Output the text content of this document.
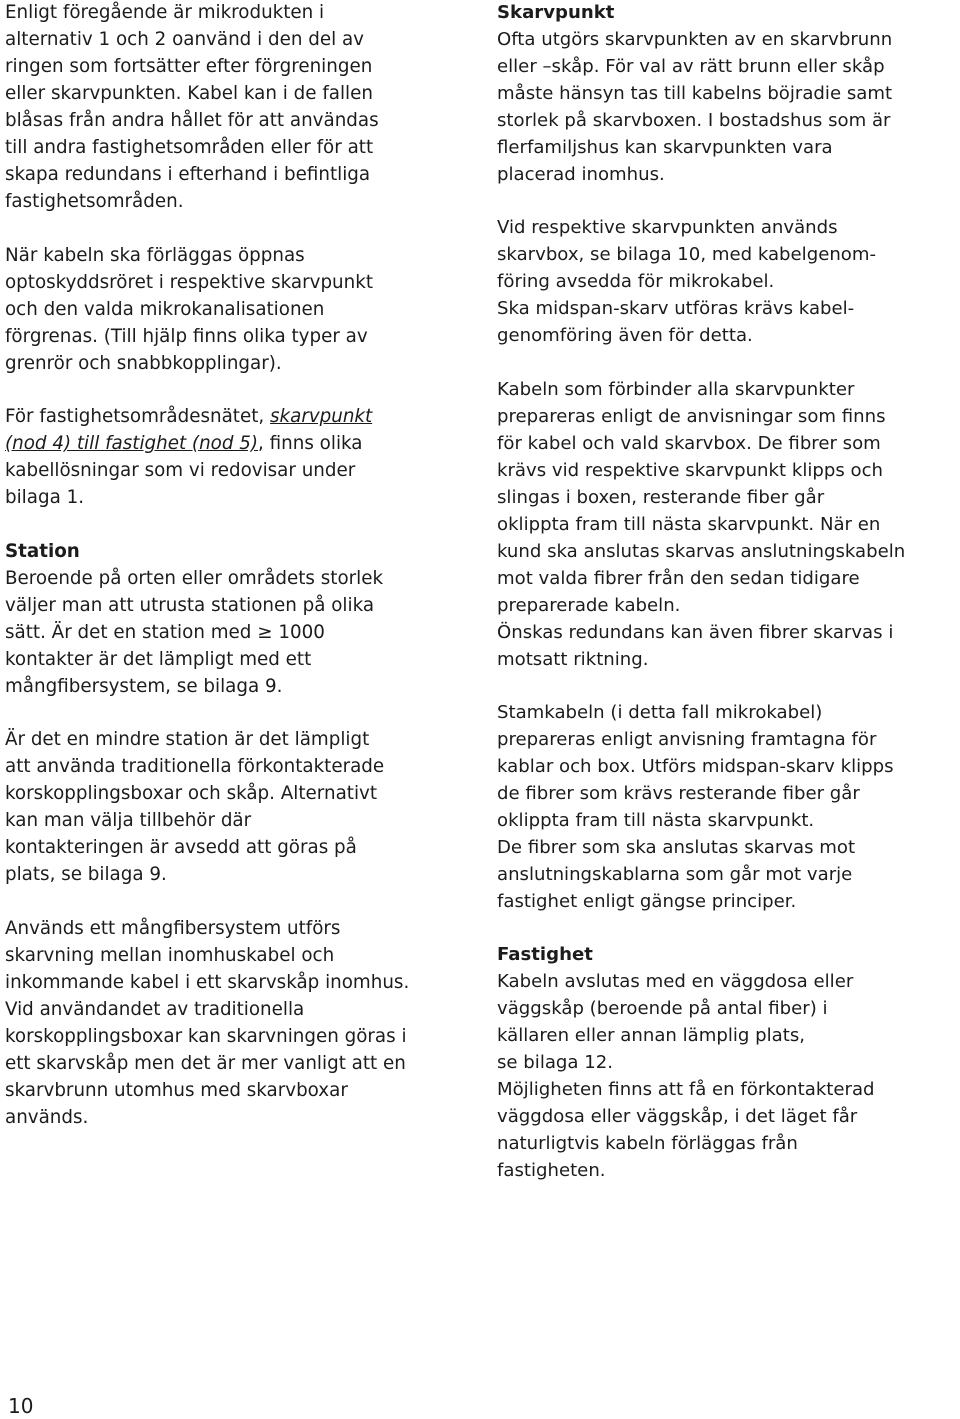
Enligt föregående är mikrodukten i

alternativ 1 och 2 oanvänd i den del av

ringen som fortsätter efter förgreningen

eller skarvpunkten. Kabel kan i de fallen

blåsas från andra hållet för att användas

till andra fastighetsområden eller för att

skapa redundans i efterhand i befintliga

fastighetsområden.

När kabeln ska förläggas öppnas

optoskyddsröret i respektive skarvpunkt

och den valda mikrokanalisationen

förgrenas. (Till hjälp finns olika typer av

grenrör och snabbkopplingar).

För fastighetsområdesnätet, skarvpunkt

(nod 4) till fastighet (nod 5), finns olika

kabellösningar som vi redovisar under

bilaga 1.

Station

Beroende på orten eller områdets storlek

väljer man att utrusta stationen på olika

sätt. Är det en station med ≥ 1000

kontakter är det lämpligt med ett

mångfibersystem, se bilaga 9.

Är det en mindre station är det lämpligt

att använda traditionella förkontakterade

korskopplingsboxar och skåp. Alternativt

kan man välja tillbehör där

kontakteringen är avsedd att göras på

plats, se bilaga 9.

Används ett mångfibersystem utförs

skarvning mellan inomhuskabel och

inkommande kabel i ett skarvskåp inomhus.

Vid användandet av traditionella

korskopplingsboxar kan skarvningen göras i

ett skarvskåp men det är mer vanligt att en

skarvbrunn utomhus med skarvboxar

används.

Skarvpunkt

Ofta utgörs skarvpunkten av en skarvbrunn

eller –skåp. För val av rätt brunn eller skåp

måste hänsyn tas till kabelns böjradie samt

storlek på skarvboxen. I bostadshus som är

flerfamiljshus kan skarvpunkten vara

placerad inomhus.

Vid respektive skarvpunkten används

skarvbox, se bilaga 10, med kabelgenom-

föring avsedda för mikrokabel.

Ska midspan-skarv utföras krävs kabel-

genomföring även för detta.

Kabeln som förbinder alla skarvpunkter

prepareras enligt de anvisningar som finns

för kabel och vald skarvbox. De fibrer som

krävs vid respektive skarvpunkt klipps och

slingas i boxen, resterande fiber går

oklippta fram till nästa skarvpunkt. När en

kund ska anslutas skarvas anslutningskabeln

mot valda fibrer från den sedan tidigare

preparerade kabeln.

Önskas redundans kan även fibrer skarvas i

motsatt riktning.

Stamkabeln (i detta fall mikrokabel)

prepareras enligt anvisning framtagna för

kablar och box. Utförs midspan-skarv klipps

de fibrer som krävs resterande fiber går

oklippta fram till nästa skarvpunkt.

De fibrer som ska anslutas skarvas mot

anslutningskablarna som går mot varje

fastighet enligt gängse principer.

Fastighet

Kabeln avslutas med en väggdosa eller

väggskåp (beroende på antal fiber) i

källaren eller annan lämplig plats,

se bilaga 12.

Möjligheten finns att få en förkontakterad

väggdosa eller väggskåp, i det läget får

naturligtvis kabeln förläggas från

fastigheten.

10
